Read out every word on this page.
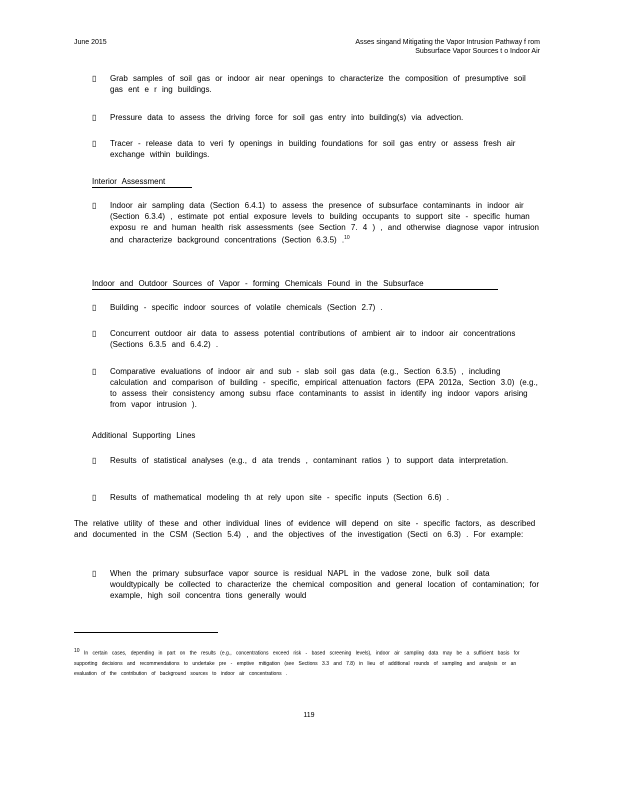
June 2015	Asses singand Mitigating the Vapor Intrusion Pathway f rom
Subsurface Vapor Sources t o Indoor Air
▯ Grab samples of soil gas or indoor air near openings to characterize the composition of presumptive soil gas ent e r ing buildings.
▯ Pressure data to assess the driving force for soil gas entry into building(s) via advection.
▯ Tracer - release data to veri fy openings in building foundations for soil gas entry or assess fresh air exchange within buildings.
Interior Assessment
▯ Indoor air sampling data (Section 6.4.1) to assess the presence of subsurface contaminants in indoor air (Section 6.3.4) , estimate pot ential exposure levels to building occupants to support site - specific human exposu re and human health risk assessments (see Section 7. 4 ) , and otherwise diagnose vapor intrusion and characterize background concentrations (Section 6.3.5) .$^{10}$
Indoor and Outdoor Sources of Vapor - forming Chemicals Found in the Subsurface
▯ Building - specific indoor sources of volatile chemicals (Section 2.7) .
▯ Concurrent outdoor air data to assess potential contributions of ambient air to indoor air concentrations (Sections 6.3.5 and 6.4.2) .
▯ Comparative evaluations of indoor air and sub - slab soil gas data (e.g., Section 6.3.5) , including calculation and comparison of building - specific, empirical attenuation factors (EPA 2012a, Section 3.0) (e.g., to assess their consistency among subsu rface contaminants to assist in identify ing indoor vapors arising from vapor intrusion ).
Additional Supporting Lines
▯ Results of statistical analyses (e.g., d ata trends , contaminant ratios ) to support data interpretation.
▯ Results of mathematical modeling th at rely upon site - specific inputs (Section 6.6) .
The relative utility of these and other individual lines of evidence will depend on site - specific factors, as described and documented in the CSM (Section 5.4) , and the objectives of the investigation (Secti on 6.3) . For example:
▯ When the primary subsurface vapor source is residual NAPL in the vadose zone, bulk soil data wouldtypically be collected to characterize the chemical composition and general location of contamination; for example, high soil concentra tions generally would
$^{10}$ In certain cases, depending in part on the results (e.g., concentrations exceed risk - based screening levels), indoor air sampling data may be a sufficient basis for supporting decisions and recommendations to undertake pre - emptive mitigation (see Sections 3.3 and 7.8) in lieu of additional rounds of sampling and analysis or an evaluation of the contribution of background sources to indoor air concentrations .
119
